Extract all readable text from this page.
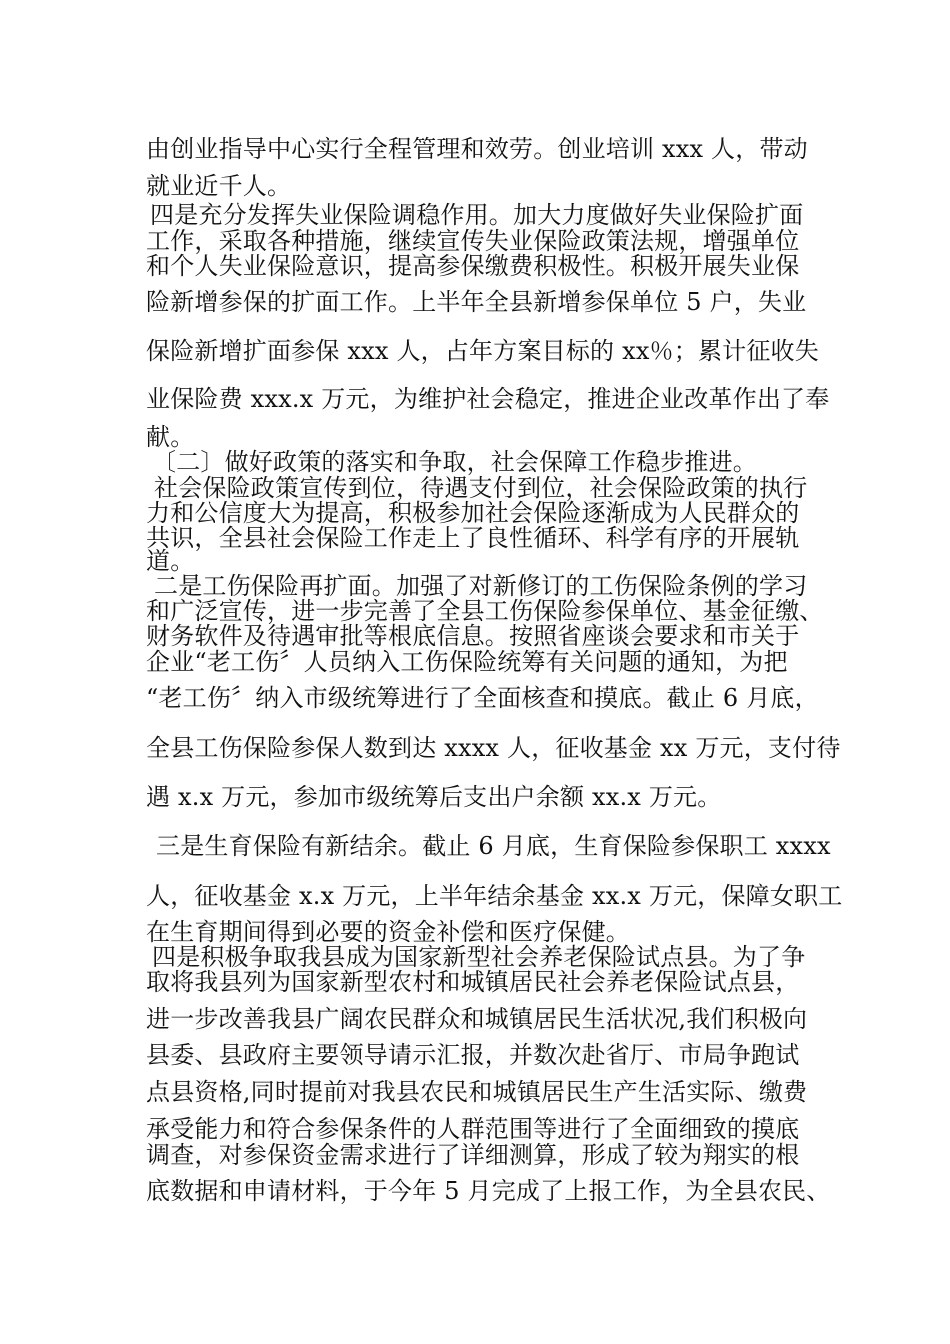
由创业指导中心实行全程管理和效劳。创业培训 xxx 人，带动
就业近千人。
四是充分发挥失业保险调稳作用。加大力度做好失业保险扩面
工作，采取各种措施，继续宣传失业保险政策法规，增强单位
和个人失业保险意识，提高参保缴费积极性。积极开展失业保
险新增参保的扩面工作。上半年全县新增参保单位 5 户，失业
保险新增扩面参保 xxx 人，占年方案目标的 xx％；累计征收失
业保险费 xxx.x 万元，为维护社会稳定，推进企业改革作出了奉
献。
〔二〕做好政策的落实和争取，社会保障工作稳步推进。
社会保险政策宣传到位，待遇支付到位，社会保险政策的执行
力和公信度大为提高，积极参加社会保险逐渐成为人民群众的
共识，全县社会保险工作走上了良性循环、科学有序的开展轨
道。
二是工伤保险再扩面。加强了对新修订的工伤保险条例的学习
和广泛宣传，进一步完善了全县工伤保险参保单位、基金征缴、
财务软件及待遇审批等根底信息。按照省座谈会要求和市关于
企业“老工伤〞人员纳入工伤保险统筹有关问题的通知，为把
“老工伤〞纳入市级统筹进行了全面核查和摸底。截止 6 月底，
全县工伤保险参保人数到达 xxxx 人，征收基金 xx 万元，支付待
遇 x.x 万元，参加市级统筹后支出户余额 xx.x 万元。
三是生育保险有新结余。截止 6 月底，生育保险参保职工 xxxx
人，征收基金 x.x 万元，上半年结余基金 xx.x 万元，保障女职工
在生育期间得到必要的资金补偿和医疗保健。
四是积极争取我县成为国家新型社会养老保险试点县。为了争
取将我县列为国家新型农村和城镇居民社会养老保险试点县，
进一步改善我县广阔农民群众和城镇居民生活状况,我们积极向
县委、县政府主要领导请示汇报，并数次赴省厅、市局争跑试
点县资格,同时提前对我县农民和城镇居民生产生活实际、缴费
承受能力和符合参保条件的人群范围等进行了全面细致的摸底
调查，对参保资金需求进行了详细测算，形成了较为翔实的根
底数据和申请材料，于今年 5 月完成了上报工作，为全县农民、
